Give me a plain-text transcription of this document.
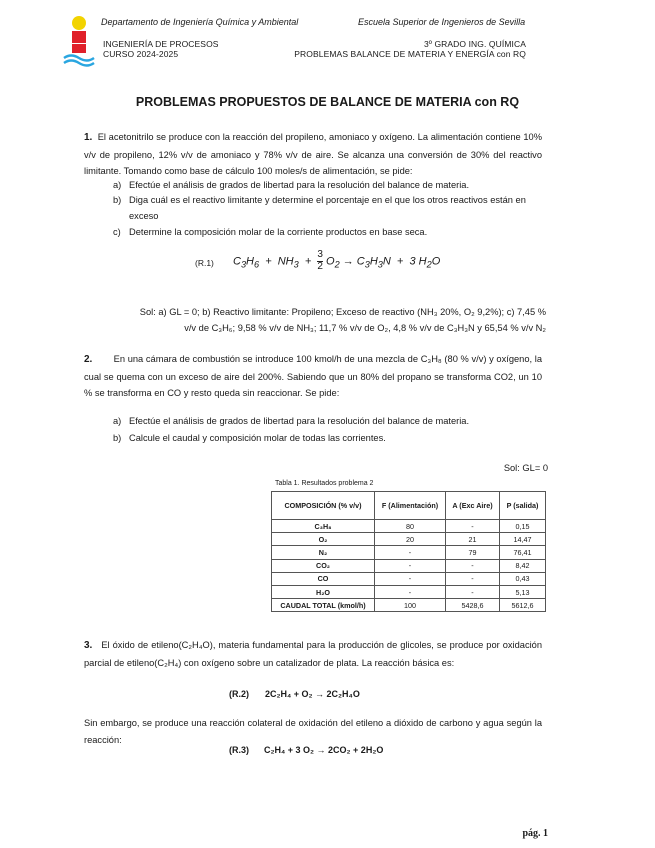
Departamento de Ingeniería Química y Ambiental	Escuela Superior de Ingenieros de Sevilla
INGENIERÍA DE PROCESOS
CURSO 2024-2025
3º GRADO ING. QUÍMICA
PROBLEMAS BALANCE DE MATERIA Y ENERGÍA con RQ
PROBLEMAS PROPUESTOS DE BALANCE DE MATERIA con RQ
1. El acetonitrilo se produce con la reacción del propileno, amoniaco y oxígeno. La alimentación contiene 10% v/v de propileno, 12% v/v de amoniaco y 78% v/v de aire. Se alcanza una conversión de 30% del reactivo limitante. Tomando como base de cálculo 100 moles/s de alimentación, se pide:
a) Efectúe el análisis de grados de libertad para la resolución del balance de materia.
b) Diga cuál es el reactivo limitante y determine el porcentaje en el que los otros reactivos están en exceso
c) Determine la composición molar de la corriente productos en base seca.
(R.1) $C_3H_6 + NH_3 + \frac{3}{2} O_2 \to C_3H_3N + 3$ $H_2O$
Sol: a) GL = 0; b) Reactivo limitante: Propileno; Exceso de reactivo (NH₃ 20%, O₂ 9,2%); c) 7,45 %
v/v de C₃H₆; 9,58 % v/v de NH₃; 11,7 % v/v de O₂, 4,8 % v/v de C₃H₃N y 65,54 % v/v N₂
2. En una cámara de combustión se introduce 100 kmol/h de una mezcla de C₃H₈ (80 % v/v) y oxígeno, la cual se quema con un exceso de aire del 200%. Sabiendo que un 80% del propano se transforma CO2, un 10 % se transforma en CO y resto queda sin reaccionar. Se pide:
a) Efectúe el análisis de grados de libertad para la resolución del balance de materia.
b) Calcule el caudal y composición molar de todas las corrientes.
Sol: GL= 0
Tabla 1. Resultados problema 2
COMPOSICIÓN (% v/v)	F (Alimentación)	A (Exc Aire)	P (salida)
C₃H₈	80	-	0,15
O₂	20	21	14,47
N₂	-	79	76,41
CO₂	-	-	8,42
CO	-	-	0,43
H₂O	-	-	5,13
CAUDAL TOTAL (kmol/h)	100	5428,6	5612,6
3. El óxido de etileno(C₂H₄O), materia fundamental para la producción de glicoles, se produce por oxidación parcial de etileno(C₂H₄) con oxígeno sobre un catalizador de plata. La reacción básica es:
(R.2) 2C₂H₄ + O₂ → 2C₂H₄O
Sin embargo, se produce una reacción colateral de oxidación del etileno a dióxido de carbono y agua según la reacción:
(R.3) C₂H₄ + 3 O₂ → 2CO₂ + 2H₂O
pág. 1
